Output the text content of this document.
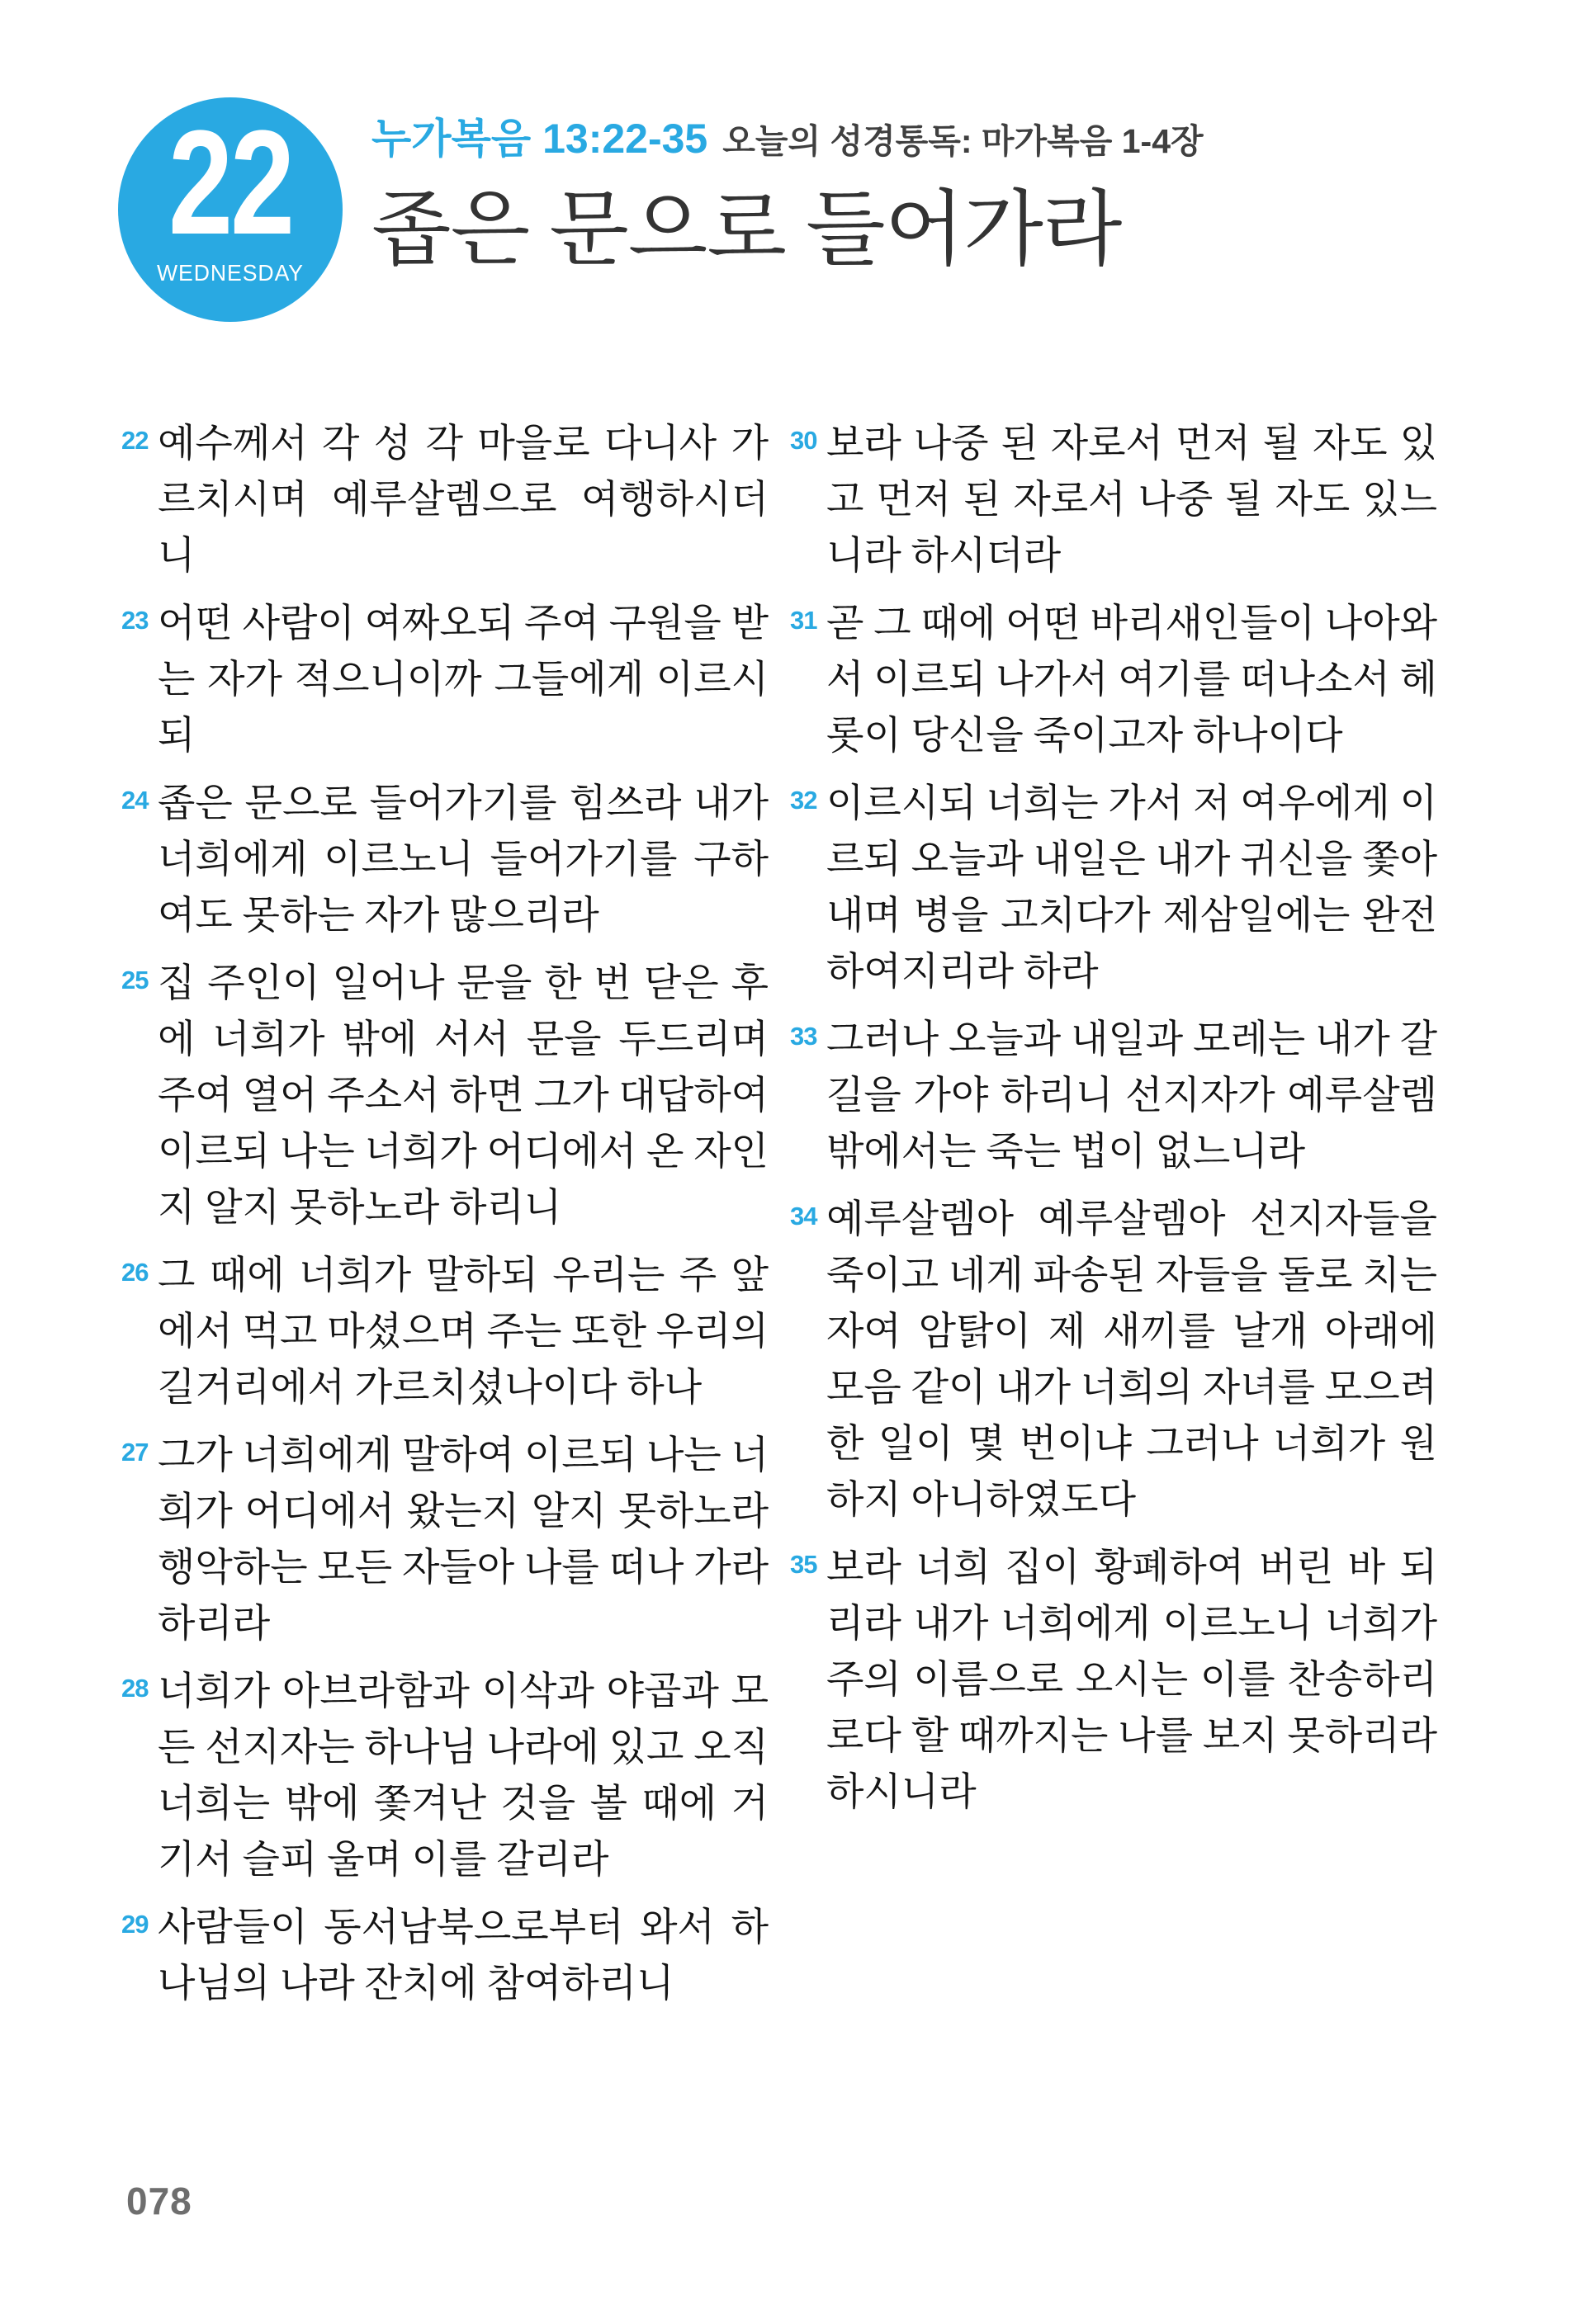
22
WEDNESDAY
누가복음 13:22-35 오늘의 성경통독: 마가복음 1-4장
좁은 문으로 들어가라

22 예수께서 각 성 각 마을로 다니사 가르치시며 예루살렘으로 여행하시더니

23 어떤 사람이 여짜오되 주여 구원을 받는 자가 적으니이까 그들에게 이르시되

24 좁은 문으로 들어가기를 힘쓰라 내가 너희에게 이르노니 들어가기를 구하여도 못하는 자가 많으리라

25 집 주인이 일어나 문을 한 번 닫은 후에 너희가 밖에 서서 문을 두드리며 주여 열어 주소서 하면 그가 대답하여 이르되 나는 너희가 어디에서 온 자인지 알지 못하노라 하리니

26 그 때에 너희가 말하되 우리는 주 앞에서 먹고 마셨으며 주는 또한 우리의 길거리에서 가르치셨나이다 하나

27 그가 너희에게 말하여 이르되 나는 너희가 어디에서 왔는지 알지 못하노라 행악하는 모든 자들아 나를 떠나 가라 하리라

28 너희가 아브라함과 이삭과 야곱과 모든 선지자는 하나님 나라에 있고 오직 너희는 밖에 쫓겨난 것을 볼 때에 거기서 슬피 울며 이를 갈리라

29 사람들이 동서남북으로부터 와서 하나님의 나라 잔치에 참여하리니

30 보라 나중 된 자로서 먼저 될 자도 있고 먼저 된 자로서 나중 될 자도 있느니라 하시더라

31 곧 그 때에 어떤 바리새인들이 나아와서 이르되 나가서 여기를 떠나소서 헤롯이 당신을 죽이고자 하나이다

32 이르시되 너희는 가서 저 여우에게 이르되 오늘과 내일은 내가 귀신을 쫓아내며 병을 고치다가 제삼일에는 완전하여지리라 하라

33 그러나 오늘과 내일과 모레는 내가 갈 길을 가야 하리니 선지자가 예루살렘 밖에서는 죽는 법이 없느니라

34 예루살렘아 예루살렘아 선지자들을 죽이고 네게 파송된 자들을 돌로 치는 자여 암탉이 제 새끼를 날개 아래에 모음 같이 내가 너희의 자녀를 모으려 한 일이 몇 번이냐 그러나 너희가 원하지 아니하였도다

35 보라 너희 집이 황폐하여 버린 바 되리라 내가 너희에게 이르노니 너희가 주의 이름으로 오시는 이를 찬송하리로다 할 때까지는 나를 보지 못하리라 하시니라

078
